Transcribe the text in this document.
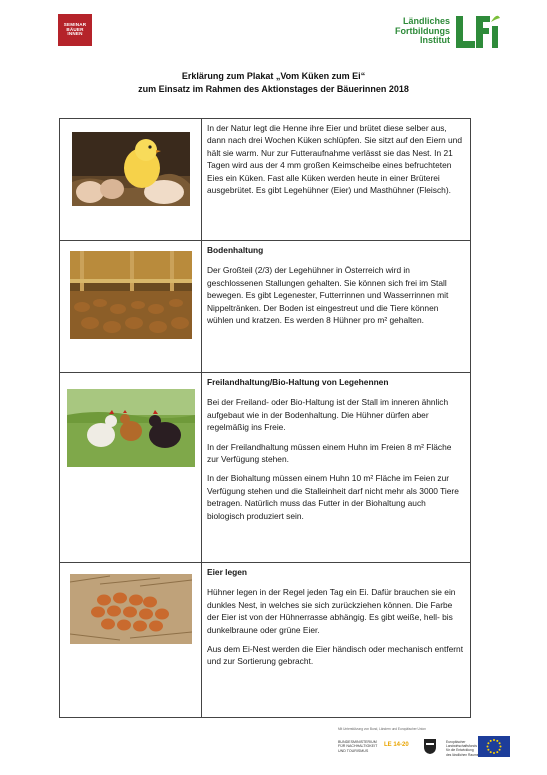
SEMINAR
BÄUER
INNEN
Ländliches
Fortbildungs
Institut
Erklärung zum Plakat „Vom Küken zum Ei“
zum Einsatz im Rahmen des Aktionstages der Bäuerinnen 2018

In der Natur legt die Henne ihre Eier und brütet diese selber aus, dann nach drei Wochen Küken schlüpfen. Sie sitzt auf den Eiern und hält sie warm. Nur zur Futteraufnahme verlässt sie das Nest. In 21 Tagen wird aus der 4 mm großen Keimscheibe eines befruchteten Eies ein Küken. Fast alle Küken werden heute in einer Brüterei ausgebrütet. Es gibt Legehühner (Eier) und Masthühner (Fleisch).

Bodenhaltung

Der Großteil (2/3) der Legehühner in Österreich wird in geschlossenen Stallungen gehalten. Sie können sich frei im Stall bewegen. Es gibt Legenester, Futterrinnen und Wasserrinnen mit Nippeltränken. Der Boden ist eingestreut und die Tiere können wühlen und kratzen. Es werden 8 Hühner pro m² gehalten.

Freilandhaltung/Bio-Haltung von Legehennen

Bei der Freiland- oder Bio-Haltung ist der Stall im inneren ähnlich aufgebaut wie in der Bodenhaltung. Die Hühner dürfen aber regelmäßig ins Freie.

In der Freilandhaltung müssen einem Huhn im Freien 8 m² Fläche zur Verfügung stehen.

In der Biohaltung müssen einem Huhn 10 m² Fläche im Feien zur Verfügung stehen und die Stalleinheit darf nicht mehr als 3000 Tiere betragen. Natürlich muss das Futter in der Biohaltung auch biologisch produziert sein.

Eier legen

Hühner legen in der Regel jeden Tag ein Ei. Dafür brauchen sie ein dunkles Nest, in welches sie sich zurückziehen können. Die Farbe der Eier ist von der Hühnerrasse abhängig. Es gibt weiße, hell- bis dunkelbraune oder grüne Eier.

Aus dem Ei-Nest werden die Eier händisch oder mechanisch entfernt und zur Sortierung gebracht.

Mit Unterstützung von Bund, Ländern und Europäischer Union
BUNDESMINISTERIUM
FÜR NACHHALTIGKEIT
UND TOURISMUS
LE 14-20	Europäischer
Landwirtschaftsfonds
für die Entwicklung
des ländlichen Raums
